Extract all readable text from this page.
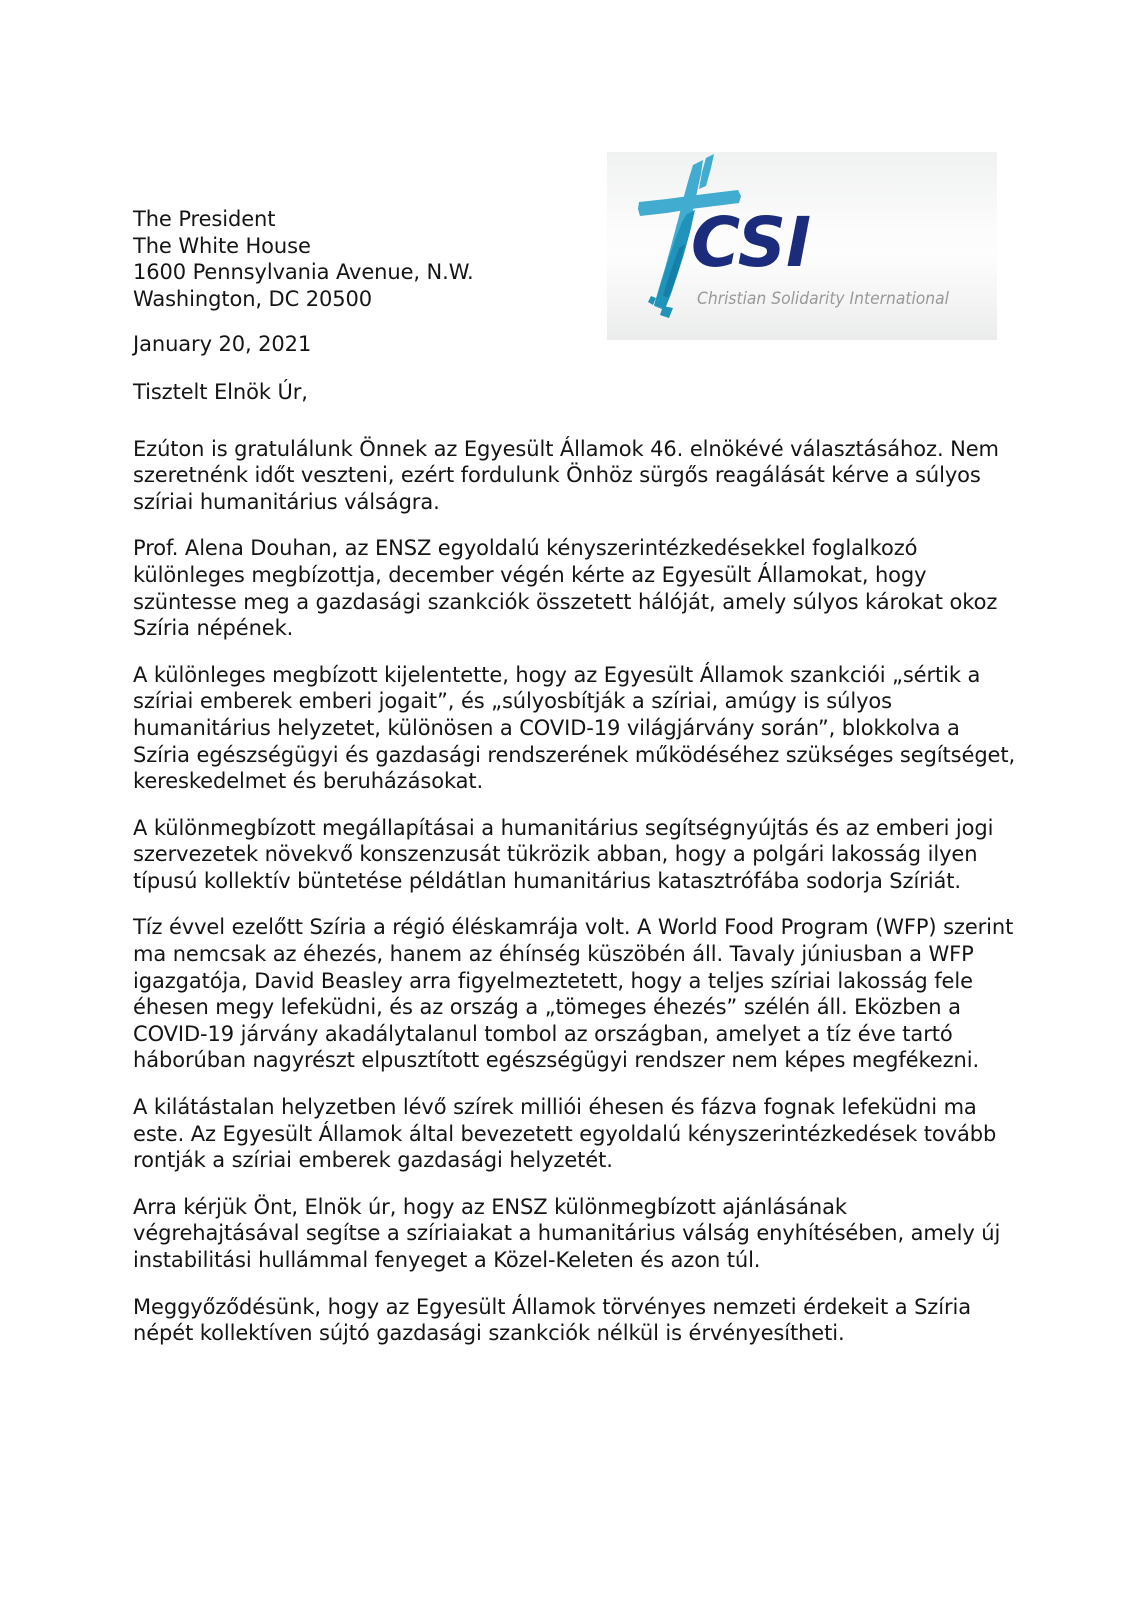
CSI
Christian Solidarity International
The President
The White House
1600 Pennsylvania Avenue, N.W.
Washington, DC 20500

January 20, 2021

Tisztelt Elnök Úr,

Ezúton is gratulálunk Önnek az Egyesült Államok 46. elnökévé választásához. Nem szeretnénk időt veszteni, ezért fordulunk Önhöz sürgős reagálását kérve a súlyos szíriai humanitárius válságra.

Prof. Alena Douhan, az ENSZ egyoldalú kényszerintézkedésekkel foglalkozó különleges megbízottja, december végén kérte az Egyesült Államokat, hogy szüntesse meg a gazdasági szankciók összetett hálóját, amely súlyos károkat okoz Szíria népének.

A különleges megbízott kijelentette, hogy az Egyesült Államok szankciói „sértik a szíriai emberek emberi jogait”, és „súlyosbítják a szíriai, amúgy is súlyos humanitárius helyzetet, különösen a COVID-19 világjárvány során”, blokkolva a Szíria egészségügyi és gazdasági rendszerének működéséhez szükséges segítséget, kereskedelmet és beruházásokat.

A különmegbízott megállapításai a humanitárius segítségnyújtás és az emberi jogi szervezetek növekvő konszenzusát tükrözik abban, hogy a polgári lakosság ilyen típusú kollektív büntetése példátlan humanitárius katasztrófába sodorja Szíriát.

Tíz évvel ezelőtt Szíria a régió éléskamrája volt. A World Food Program (WFP) szerint ma nemcsak az éhezés, hanem az éhínség küszöbén áll. Tavaly júniusban a WFP igazgatója, David Beasley arra figyelmeztetett, hogy a teljes szíriai lakosság fele éhesen megy lefeküdni, és az ország a „tömeges éhezés” szélén áll. Eközben a COVID-19 járvány akadálytalanul tombol az országban, amelyet a tíz éve tartó háborúban nagyrészt elpusztított egészségügyi rendszer nem képes megfékezni.

A kilátástalan helyzetben lévő szírek milliói éhesen és fázva fognak lefeküdni ma este. Az Egyesült Államok által bevezetett egyoldalú kényszerintézkedések tovább rontják a szíriai emberek gazdasági helyzetét.

Arra kérjük Önt, Elnök úr, hogy az ENSZ különmegbízott ajánlásának végrehajtásával segítse a szíriaiakat a humanitárius válság enyhítésében, amely új instabilitási hullámmal fenyeget a Közel-Keleten és azon túl.

Meggyőződésünk, hogy az Egyesült Államok törvényes nemzeti érdekeit a Szíria népét kollektíven sújtó gazdasági szankciók nélkül is érvényesítheti.
